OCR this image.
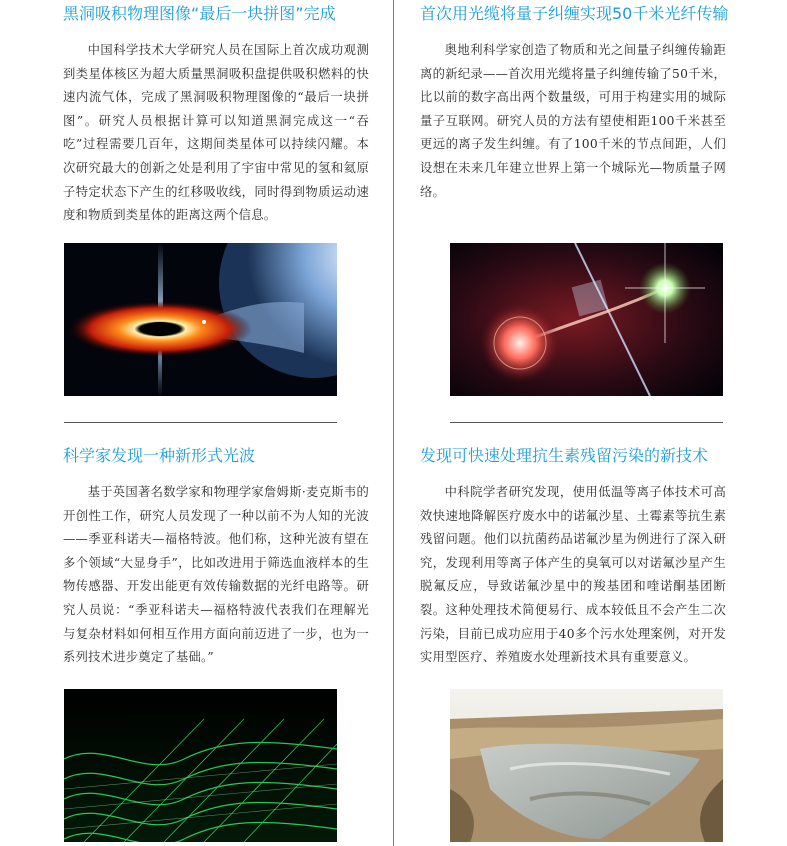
黑洞吸积物理图像“最后一块拼图”完成
中国科学技术大学研究人员在国际上首次成功观测到类星体核区为超大质量黑洞吸积盘提供吸积燃料的快速内流气体，完成了黑洞吸积物理图像的“最后一块拼图”。研究人员根据计算可以知道黑洞完成这一“吞吃”过程需要几百年，这期间类星体可以持续闪耀。本次研究最大的创新之处是利用了宇宙中常见的氢和氦原子特定状态下产生的红移吸收线，同时得到物质运动速度和物质到类星体的距离这两个信息。
首次用光缆将量子纠缠实现50千米光纤传输
奥地利科学家创造了物质和光之间量子纠缠传输距离的新纪录——首次用光缆将量子纠缠传输了50千米，比以前的数字高出两个数量级，可用于构建实用的城际量子互联网。研究人员的方法有望使相距100千米甚至更远的离子发生纠缠。有了100千米的节点间距，人们设想在未来几年建立世界上第一个城际光—物质量子网络。
科学家发现一种新形式光波
基于英国著名数学家和物理学家詹姆斯·麦克斯韦的开创性工作，研究人员发现了一种以前不为人知的光波——季亚科诺夫—福格特波。他们称，这种光波有望在多个领域“大显身手”，比如改进用于筛选血液样本的生物传感器、开发出能更有效传输数据的光纤电路等。研究人员说：“季亚科诺夫—福格特波代表我们在理解光与复杂材料如何相互作用方面向前迈进了一步，也为一系列技术进步奠定了基础。”
发现可快速处理抗生素残留污染的新技术
中科院学者研究发现，使用低温等离子体技术可高效快速地降解医疗废水中的诺氟沙星、土霉素等抗生素残留问题。他们以抗菌药品诺氟沙星为例进行了深入研究，发现利用等离子体产生的臭氧可以对诺氟沙星产生脱氟反应，导致诺氟沙星中的羧基团和喹诺酮基团断裂。这种处理技术简便易行、成本较低且不会产生二次污染，目前已成功应用于40多个污水处理案例，对开发实用型医疗、养殖废水处理新技术具有重要意义。
